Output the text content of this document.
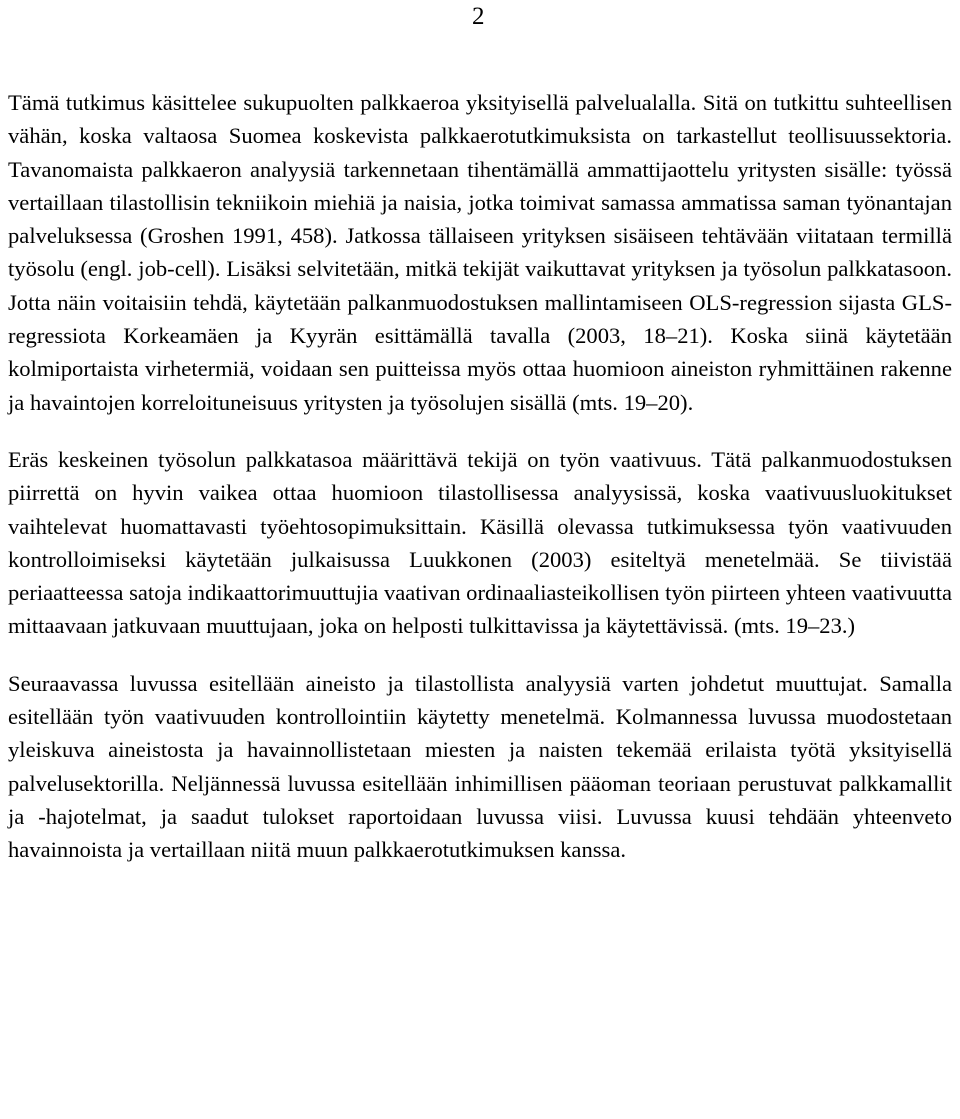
2

Tämä tutkimus käsittelee sukupuolten palkkaeroa yksityisellä palvelualalla. Sitä on tutkittu suhteellisen vähän, koska valtaosa Suomea koskevista palkkaerotutkimuksista on tarkastellut teollisuussektoria. Tavanomaista palkkaeron analyysiä tarkennetaan tihentämällä ammattijaottelu yritysten sisälle: työssä vertaillaan tilastollisin tekniikoin miehiä ja naisia, jotka toimivat samassa ammatissa saman työnantajan palveluksessa (Groshen 1991, 458). Jatkossa tällaiseen yrityksen sisäiseen tehtävään viitataan termillä työsolu (engl. job-cell). Lisäksi selvitetään, mitkä tekijät vaikuttavat yrityksen ja työsolun palkkatasoon. Jotta näin voitaisiin tehdä, käytetään palkanmuodostuksen mallintamiseen OLS-regression sijasta GLS-regressiota Korkeamäen ja Kyyrän esittämällä tavalla (2003, 18–21). Koska siinä käytetään kolmiportaista virhetermiä, voidaan sen puitteissa myös ottaa huomioon aineiston ryhmittäinen rakenne ja havaintojen korreloituneisuus yritysten ja työsolujen sisällä (mts. 19–20).

Eräs keskeinen työsolun palkkatasoa määrittävä tekijä on työn vaativuus. Tätä palkanmuodostuksen piirrettä on hyvin vaikea ottaa huomioon tilastollisessa analyysissä, koska vaativuusluokitukset vaihtelevat huomattavasti työehtosopimuksittain. Käsillä olevassa tutkimuksessa työn vaativuuden kontrolloimiseksi käytetään julkaisussa Luukkonen (2003) esiteltyä menetelmää. Se tiivistää periaatteessa satoja indikaattorimuuttujia vaativan ordinaaliasteikollisen työn piirteen yhteen vaativuutta mittaavaan jatkuvaan muuttujaan, joka on helposti tulkittavissa ja käytettävissä. (mts. 19–23.)

Seuraavassa luvussa esitellään aineisto ja tilastollista analyysiä varten johdetut muuttujat. Samalla esitellään työn vaativuuden kontrollointiin käytetty menetelmä. Kolmannessa luvussa muodostetaan yleiskuva aineistosta ja havainnollistetaan miesten ja naisten tekemää erilaista työtä yksityisellä palvelusektorilla. Neljännessä luvussa esitellään inhimillisen pääoman teoriaan perustuvat palkkamallit ja -hajotelmat, ja saadut tulokset raportoidaan luvussa viisi. Luvussa kuusi tehdään yhteenveto havainnoista ja vertaillaan niitä muun palkkaerotutkimuksen kanssa.
